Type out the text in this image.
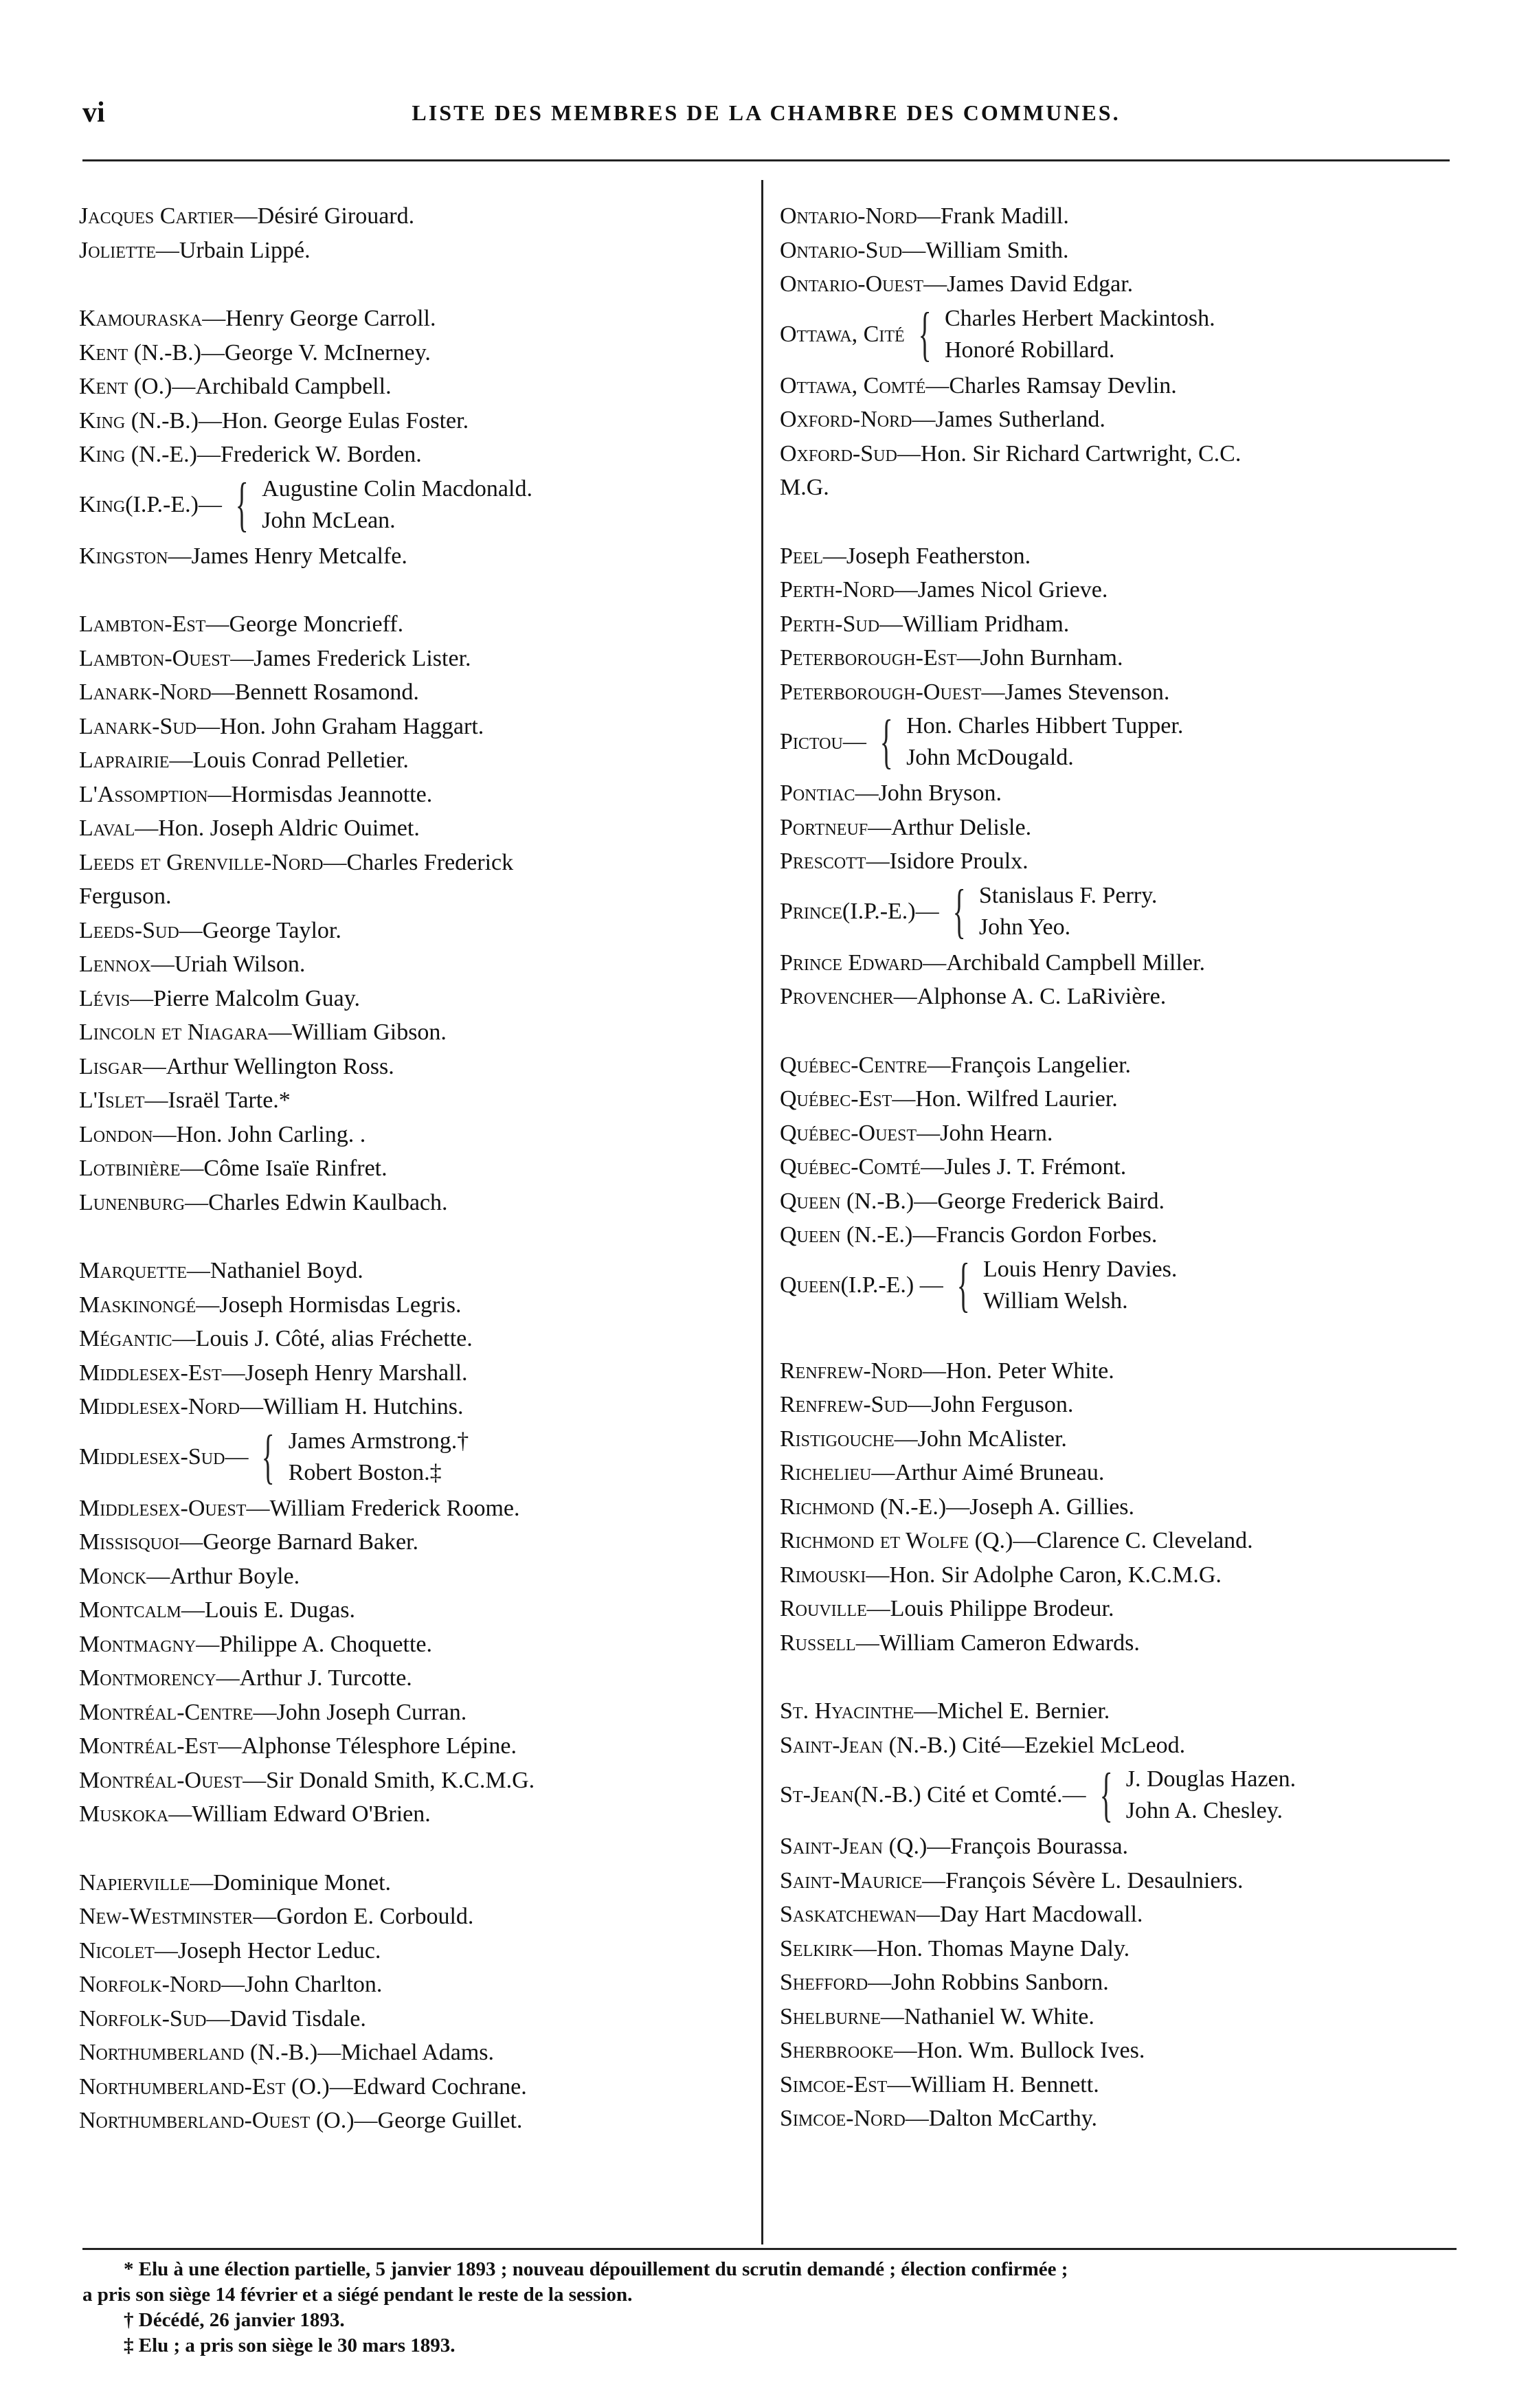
vi	LISTE DES MEMBRES DE LA CHAMBRE DES COMMUNES.
Jacques Cartier—Désiré Girouard.
Joliette—Urbain Lippé.
Kamouraska—Henry George Carroll.
Kent (N.-B.)—George V. McInerney.
Kent (O.)—Archibald Campbell.
King (N.-B.)—Hon. George Eulas Foster.
King (N.-E.)—Frederick W. Borden.
King (I.P.-E.)— { Augustine Colin Macdonald.
John McLean.
Kingston—James Henry Metcalfe.
Lambton-Est—George Moncrieff.
Lambton-Ouest—James Frederick Lister.
Lanark-Nord—Bennett Rosamond.
Lanark-Sud—Hon. John Graham Haggart.
Laprairie—Louis Conrad Pelletier.
L'Assomption—Hormisdas Jeannotte.
Laval—Hon. Joseph Aldric Ouimet.
Leeds et Grenville-Nord—Charles Frederick
Ferguson.
Leeds-Sud—George Taylor.
Lennox—Uriah Wilson.
Lévis—Pierre Malcolm Guay.
Lincoln et Niagara—William Gibson.
Lisgar—Arthur Wellington Ross.
L'Islet—Israël Tarte.*
London—Hon. John Carling. .
Lotbinière—Côme Isaïe Rinfret.
Lunenburg—Charles Edwin Kaulbach.
Marquette—Nathaniel Boyd.
Maskinongé—Joseph Hormisdas Legris.
Mégantic—Louis J. Côté, alias Fréchette.
Middlesex-Est—Joseph Henry Marshall.
Middlesex-Nord—William H. Hutchins.
Middlesex-Sud — { James Armstrong.†
Robert Boston.‡
Middlesex-Ouest—William Frederick Roome.
Missisquoi—George Barnard Baker.
Monck—Arthur Boyle.
Montcalm—Louis E. Dugas.
Montmagny—Philippe A. Choquette.
Montmorency—Arthur J. Turcotte.
Montréal-Centre—John Joseph Curran.
Montréal-Est—Alphonse Télesphore Lépine.
Montréal-Ouest—Sir Donald Smith, K.C.M.G.
Muskoka—William Edward O'Brien.
Napierville—Dominique Monet.
New-Westminster—Gordon E. Corbould.
Nicolet—Joseph Hector Leduc.
Norfolk-Nord—John Charlton.
Norfolk-Sud—David Tisdale.
Northumberland (N.-B.)—Michael Adams.
Northumberland-Est (O.)—Edward Cochrane.
Northumberland-Ouest (O.)—George Guillet.
Ontario-Nord—Frank Madill.
Ontario-Sud—William Smith.
Ontario-Ouest—James David Edgar.
Ottawa, Cité { Charles Herbert Mackintosh.
Honoré Robillard.
Ottawa, Comté—Charles Ramsay Devlin.
Oxford-Nord—James Sutherland.
Oxford-Sud—Hon. Sir Richard Cartwright, C.C.
M.G.
Peel—Joseph Featherston.
Perth-Nord—James Nicol Grieve.
Perth-Sud—William Pridham.
Peterborough-Est—John Burnham.
Peterborough-Ouest—James Stevenson.
Pictou — { Hon. Charles Hibbert Tupper.
John McDougald.
Pontiac—John Bryson.
Portneuf—Arthur Delisle.
Prescott—Isidore Proulx.
Prince (I.P.-E.)— { Stanislaus F. Perry.
John Yeo.
Prince Edward—Archibald Campbell Miller.
Provencher—Alphonse A. C. LaRivière.
Québec-Centre—François Langelier.
Québec-Est—Hon. Wilfred Laurier.
Québec-Ouest—John Hearn.
Québec-Comté—Jules J. T. Frémont.
Queen (N.-B.)—George Frederick Baird.
Queen (N.-E.)—Francis Gordon Forbes.
Queen (I.P.-E.) — { Louis Henry Davies.
William Welsh.
Renfrew-Nord—Hon. Peter White.
Renfrew-Sud—John Ferguson.
Ristigouche—John McAlister.
Richelieu—Arthur Aimé Bruneau.
Richmond (N.-E.)—Joseph A. Gillies.
Richmond et Wolfe (Q.)—Clarence C. Cleveland.
Rimouski—Hon. Sir Adolphe Caron, K.C.M.G.
Rouville—Louis Philippe Brodeur.
Russell—William Cameron Edwards.
St. Hyacinthe—Michel E. Bernier.
Saint-Jean (N.-B.) Cité—Ezekiel McLeod.
St-Jean (N.-B.) Cité et Comté.— { J. Douglas Hazen.
John A. Chesley.
Saint-Jean (Q.)—François Bourassa.
Saint-Maurice—François Sévère L. Desaulniers.
Saskatchewan—Day Hart Macdowall.
Selkirk—Hon. Thomas Mayne Daly.
Shefford—John Robbins Sanborn.
Shelburne—Nathaniel W. White.
Sherbrooke—Hon. Wm. Bullock Ives.
Simcoe-Est—William H. Bennett.
Simcoe-Nord—Dalton McCarthy.
* Elu à une élection partielle, 5 janvier 1893 ; nouveau dépouillement du scrutin demandé ; élection confirmée ;
a pris son siège 14 février et a siégé pendant le reste de la session.
† Décédé, 26 janvier 1893.
‡ Elu ; a pris son siège le 30 mars 1893.
